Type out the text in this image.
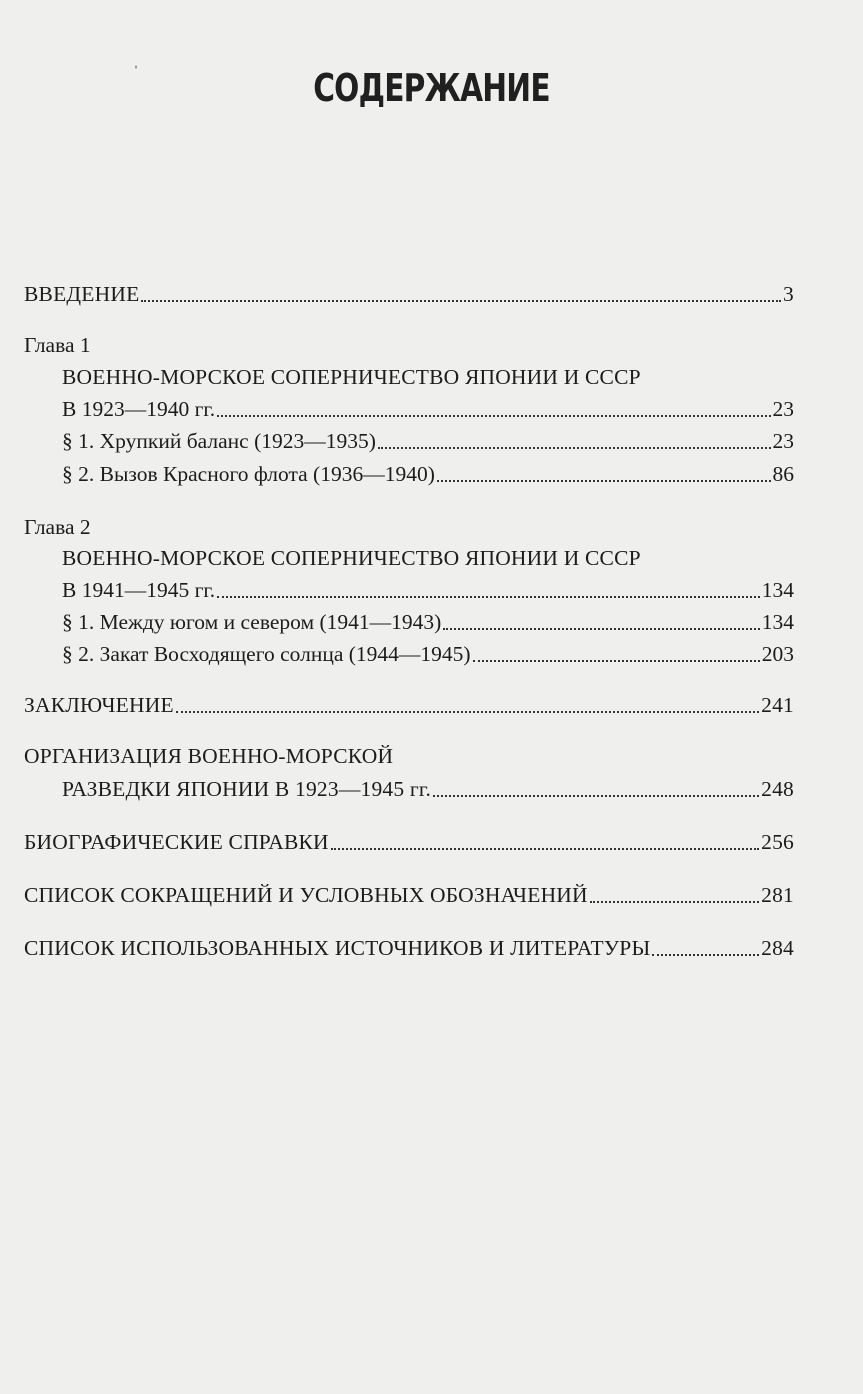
ˈ	СОДЕРЖАНИЕ
ВВЕДЕНИЕ	3
Глава 1
ВОЕННО-МОРСКОЕ СОПЕРНИЧЕСТВО ЯПОНИИ И СССР
В 1923—1940 гг.	23
§ 1. Хрупкий баланс (1923—1935)	23
§ 2. Вызов Красного флота (1936—1940)	86
Глава 2
ВОЕННО-МОРСКОЕ СОПЕРНИЧЕСТВО ЯПОНИИ И СССР
В 1941—1945 гг.	134
§ 1. Между югом и севером (1941—1943)	134
§ 2. Закат Восходящего солнца (1944—1945)	203
ЗАКЛЮЧЕНИЕ	241
ОРГАНИЗАЦИЯ ВОЕННО-МОРСКОЙ
РАЗВЕДКИ ЯПОНИИ В 1923—1945 гг.	248
БИОГРАФИЧЕСКИЕ СПРАВКИ	256
СПИСОК СОКРАЩЕНИЙ И УСЛОВНЫХ ОБОЗНАЧЕНИЙ	281
СПИСОК ИСПОЛЬЗОВАННЫХ ИСТОЧНИКОВ И ЛИТЕРАТУРЫ	284
